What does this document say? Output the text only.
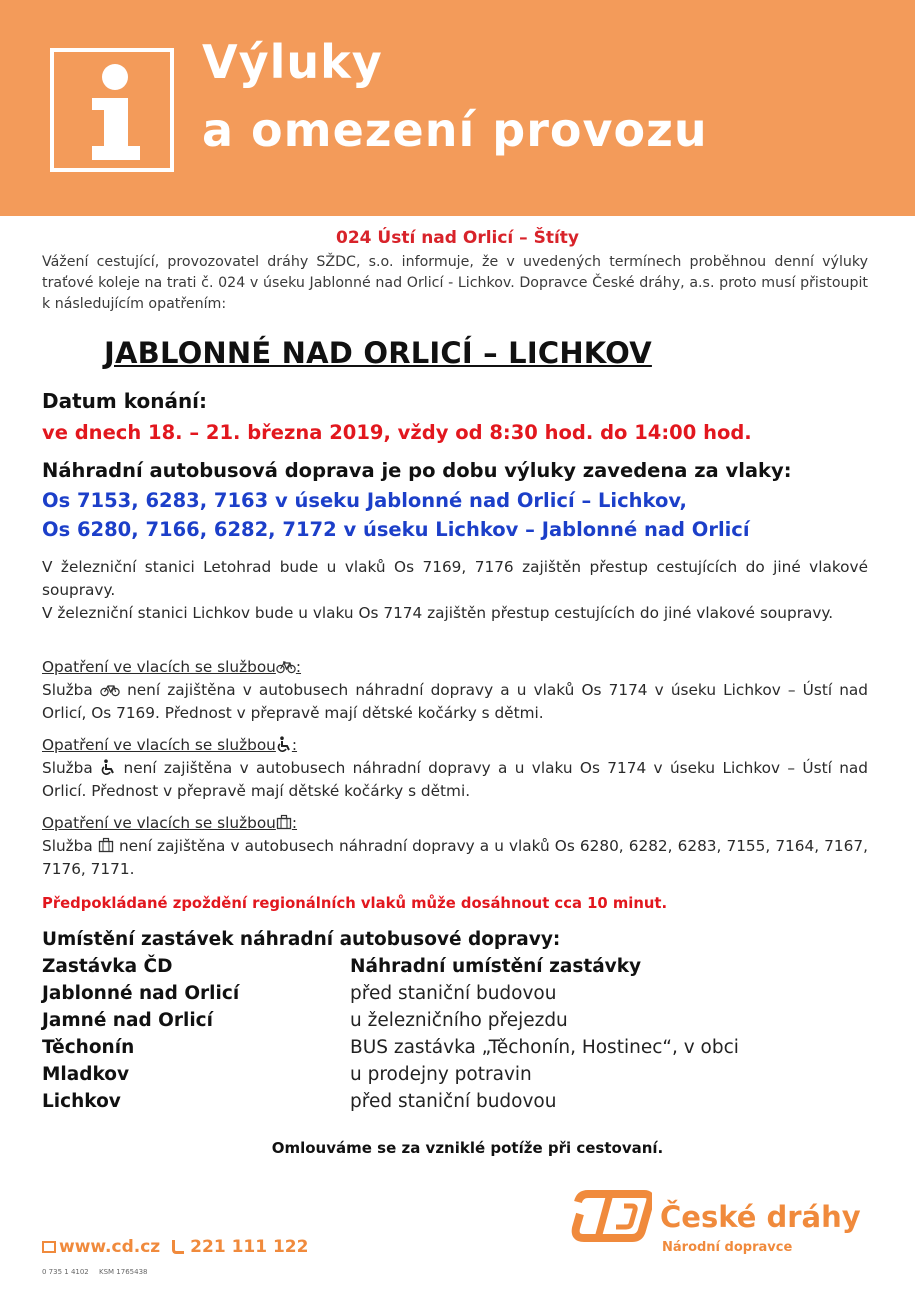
Výluky
a omezení provozu
024 Ústí nad Orlicí – Štíty
Vážení cestující, provozovatel dráhy SŽDC, s.o. informuje, že v uvedených termínech proběhnou denní výluky traťové koleje na trati č. 024 v úseku Jablonné nad Orlicí - Lichkov. Dopravce České dráhy, a.s. proto musí přistoupit k následujícím opatřením:
JABLONNÉ NAD ORLICÍ – LICHKOV
Datum konání:
ve dnech 18. – 21. března 2019, vždy od 8:30 hod. do 14:00 hod.
Náhradní autobusová doprava je po dobu výluky zavedena za vlaky:
Os 7153, 6283, 7163 v úseku Jablonné nad Orlicí – Lichkov,
Os 6280, 7166, 6282, 7172 v úseku Lichkov – Jablonné nad Orlicí
V železniční stanici Letohrad bude u vlaků Os 7169, 7176 zajištěn přestup cestujících do jiné vlakové soupravy.
V železniční stanici Lichkov bude u vlaku Os 7174 zajištěn přestup cestujících do jiné vlakové soupravy.
Opatření ve vlacích se službou :
Služba není zajištěna v autobusech náhradní dopravy a u vlaků Os 7174 v úseku Lichkov – Ústí nad Orlicí, Os 7169. Přednost v přepravě mají dětské kočárky s dětmi.
Opatření ve vlacích se službou :
Služba není zajištěna v autobusech náhradní dopravy a u vlaku Os 7174 v úseku Lichkov – Ústí nad Orlicí. Přednost v přepravě mají dětské kočárky s dětmi.
Opatření ve vlacích se službou :
Služba není zajištěna v autobusech náhradní dopravy a u vlaků Os 6280, 6282, 6283, 7155, 7164, 7167, 7176, 7171.
Předpokládané zpoždění regionálních vlaků může dosáhnout cca 10 minut.
Umístění zastávek náhradní autobusové dopravy:
Zastávka ČD	Náhradní umístění zastávky
Jablonné nad Orlicí	před staniční budovou
Jamné nad Orlicí	u železničního přejezdu
Těchonín	BUS zastávka „Těchonín, Hostinec“, v obci
Mladkov	u prodejny potravin
Lichkov	před staniční budovou
Omlouváme se za vzniklé potíže při cestovaní.
www.cd.cz 221 111 122
0 735 1 4102 KSM 1765438
České dráhy
Národní dopravce
